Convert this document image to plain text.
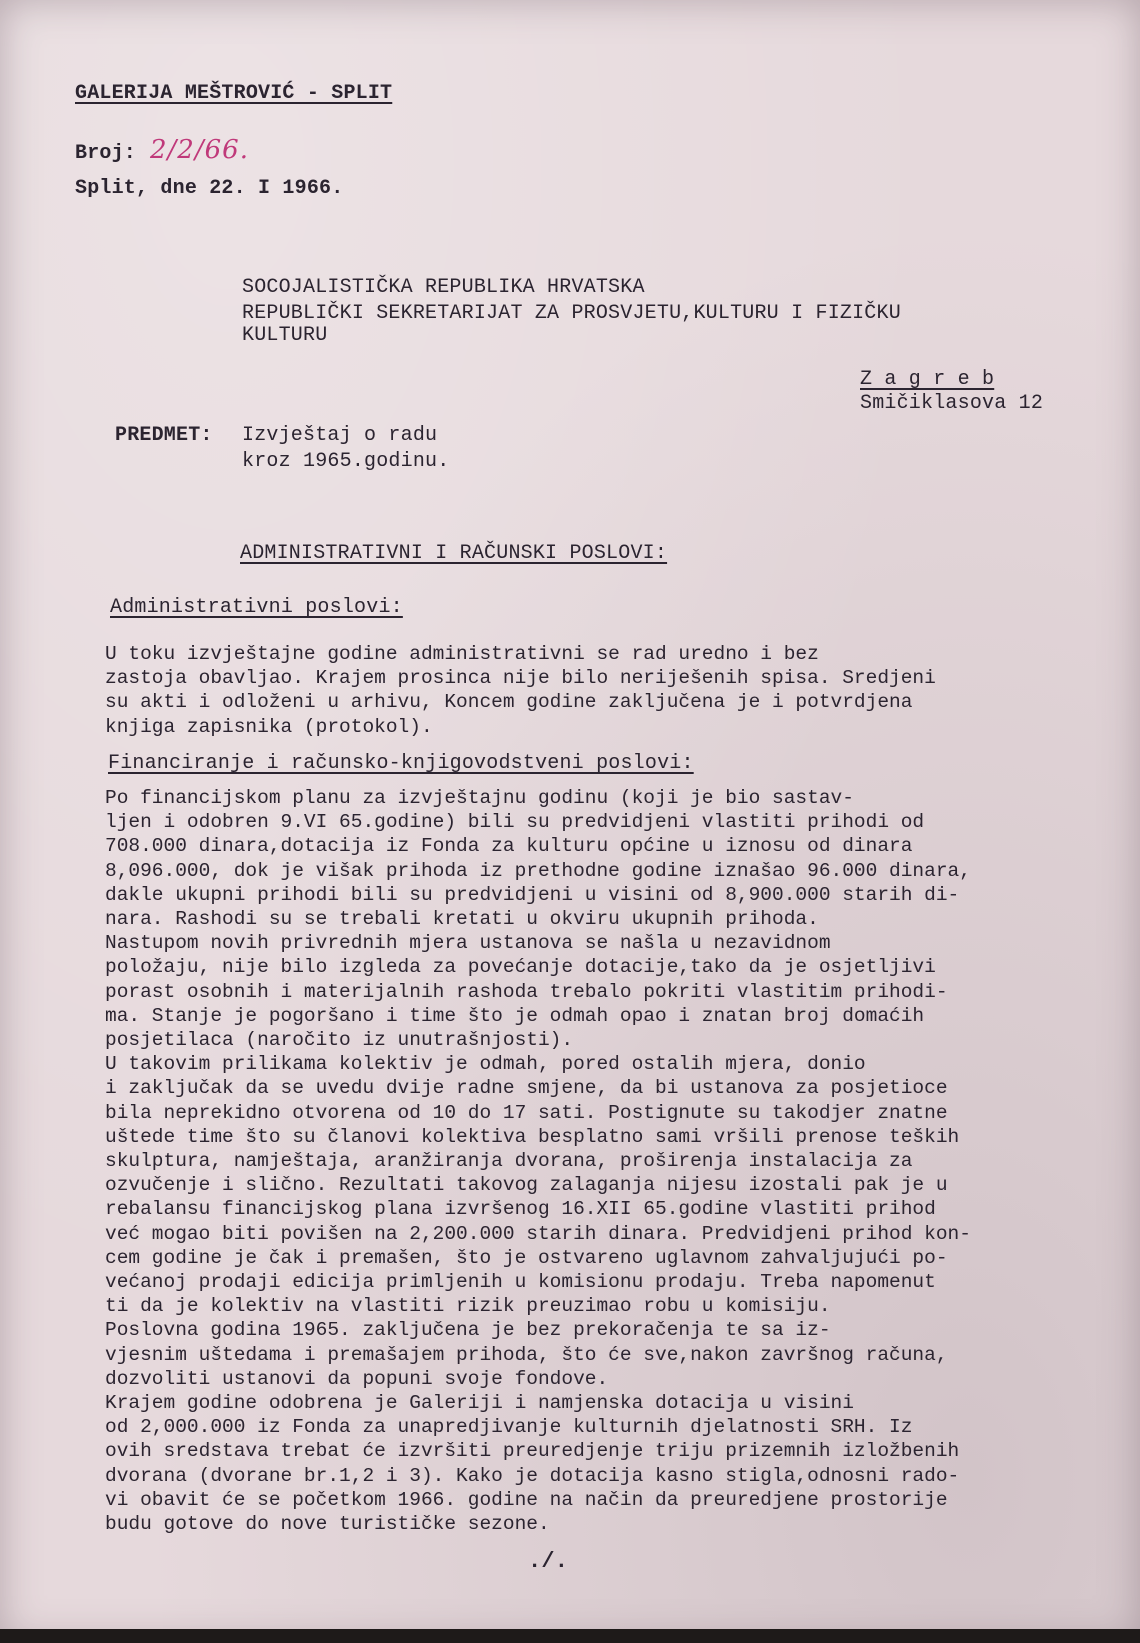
GALERIJA MEŠTROVIĆ - SPLIT
Broj: 2/2/66.
Split, dne 22. I 1966.
SOCOJALISTIČKA REPUBLIKA HRVATSKA
REPUBLIČKI SEKRETARIJAT ZA PROSVJETU,KULTURU I FIZIČKU
KULTURU
Z a g r e b
Smičiklasova 12
PREDMET: Izvještaj o radu
kroz 1965.godinu.
ADMINISTRATIVNI I RAČUNSKI POSLOVI:
Administrativni poslovi:
U toku izvještajne godine administrativni se rad uredno i bez
zastoja obavljao. Krajem prosinca nije bilo neriješenih spisa. Sredjeni
su akti i odloženi u arhivu, Koncem godine zaključena je i potvrdjena
knjiga zapisnika (protokol).
Financiranje i računsko-knjigovodstveni poslovi:
Po financijskom planu za izvještajnu godinu (koji je bio sastav-
ljen i odobren 9.VI 65.godine) bili su predvidjeni vlastiti prihodi od
708.000 dinara,dotacija iz Fonda za kulturu općine u iznosu od dinara
8,096.000, dok je višak prihoda iz prethodne godine iznašao 96.000 dinara,
dakle ukupni prihodi bili su predvidjeni u visini od 8,900.000 starih di-
nara. Rashodi su se trebali kretati u okviru ukupnih prihoda.
Nastupom novih privrednih mjera ustanova se našla u nezavidnom
položaju, nije bilo izgleda za povećanje dotacije,tako da je osjetljivi
porast osobnih i materijalnih rashoda trebalo pokriti vlastitim prihodi-
ma. Stanje je pogoršano i time što je odmah opao i znatan broj domaćih
posjetilaca (naročito iz unutrašnjosti).
U takovim prilikama kolektiv je odmah, pored ostalih mjera, donio
i zaključak da se uvedu dvije radne smjene, da bi ustanova za posjetioce
bila neprekidno otvorena od 10 do 17 sati. Postignute su takodjer znatne
uštede time što su članovi kolektiva besplatno sami vršili prenose teških
skulptura, namještaja, aranžiranja dvorana, proširenja instalacija za
ozvučenje i slično. Rezultati takovog zalaganja nijesu izostali pak je u
rebalansu financijskog plana izvršenog 16.XII 65.godine vlastiti prihod
već mogao biti povišen na 2,200.000 starih dinara. Predvidjeni prihod kon-
cem godine je čak i premašen, što je ostvareno uglavnom zahvaljujući po-
većanoj prodaji edicija primljenih u komisionu prodaju. Treba napomenut
ti da je kolektiv na vlastiti rizik preuzimao robu u komisiju.
Poslovna godina 1965. zaključena je bez prekoračenja te sa iz-
vjesnim uštedama i premašajem prihoda, što će sve,nakon završnog računa,
dozvoliti ustanovi da popuni svoje fondove.
Krajem godine odobrena je Galeriji i namjenska dotacija u visini
od 2,000.000 iz Fonda za unapredjivanje kulturnih djelatnosti SRH. Iz
ovih sredstava trebat će izvršiti preuredjenje triju prizemnih izložbenih
dvorana (dvorane br.1,2 i 3). Kako je dotacija kasno stigla,odnosni rado-
vi obavit će se početkom 1966. godine na način da preuredjene prostorije
budu gotove do nove turističke sezone.
./.
